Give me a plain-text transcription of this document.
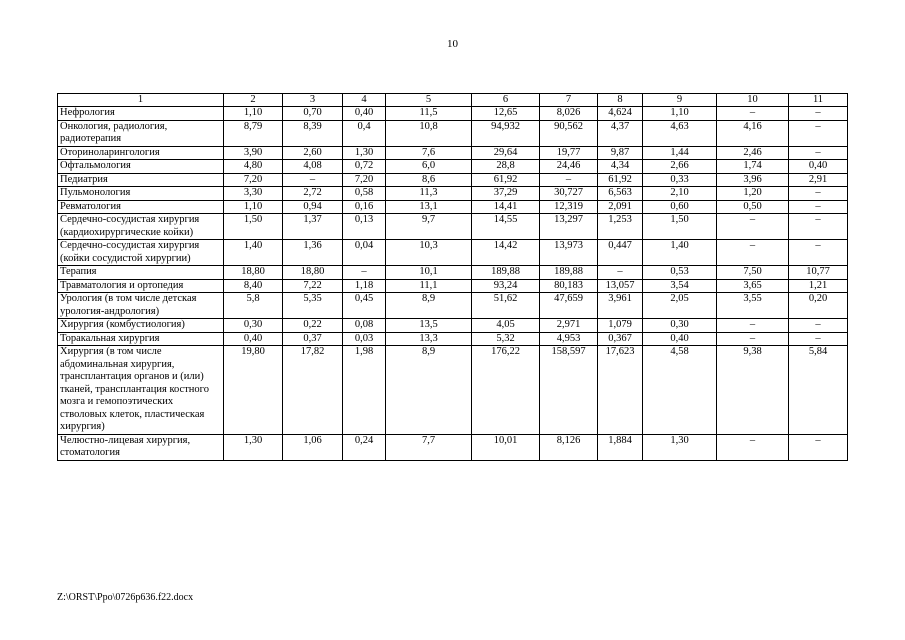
10
1	2	3	4	5	6	7	8	9	10	11
Нефрология	1,10	0,70	0,40	11,5	12,65	8,026	4,624	1,10	–	–
Онкология, радиология, радиотерапия	8,79	8,39	0,4	10,8	94,932	90,562	4,37	4,63	4,16	–
Оториноларингология	3,90	2,60	1,30	7,6	29,64	19,77	9,87	1,44	2,46	–
Офтальмология	4,80	4,08	0,72	6,0	28,8	24,46	4,34	2,66	1,74	0,40
Педиатрия	7,20	–	7,20	8,6	61,92	–	61,92	0,33	3,96	2,91
Пульмонология	3,30	2,72	0,58	11,3	37,29	30,727	6,563	2,10	1,20	–
Ревматология	1,10	0,94	0,16	13,1	14,41	12,319	2,091	0,60	0,50	–
Сердечно-сосудистая хирургия (кардиохирургические койки)	1,50	1,37	0,13	9,7	14,55	13,297	1,253	1,50	–	–
Сердечно-сосудистая хирургия (койки сосудистой хирургии)	1,40	1,36	0,04	10,3	14,42	13,973	0,447	1,40	–	–
Терапия	18,80	18,80	–	10,1	189,88	189,88	–	0,53	7,50	10,77
Травматология и ортопедия	8,40	7,22	1,18	11,1	93,24	80,183	13,057	3,54	3,65	1,21
Урология (в том числе детская урология-андрология)	5,8	5,35	0,45	8,9	51,62	47,659	3,961	2,05	3,55	0,20
Хирургия (комбустиология)	0,30	0,22	0,08	13,5	4,05	2,971	1,079	0,30	–	–
Торакальная хирургия	0,40	0,37	0,03	13,3	5,32	4,953	0,367	0,40	–	–
Хирургия (в том числе абдоминальная хирургия, трансплантация органов и (или) тканей, трансплантация костного мозга и гемопоэтических стволовых клеток, пластическая хирургия)	19,80	17,82	1,98	8,9	176,22	158,597	17,623	4,58	9,38	5,84
Челюстно-лицевая хирургия, стоматология	1,30	1,06	0,24	7,7	10,01	8,126	1,884	1,30	–	–
Z:\ORST\Ppo\0726p636.f22.docx
